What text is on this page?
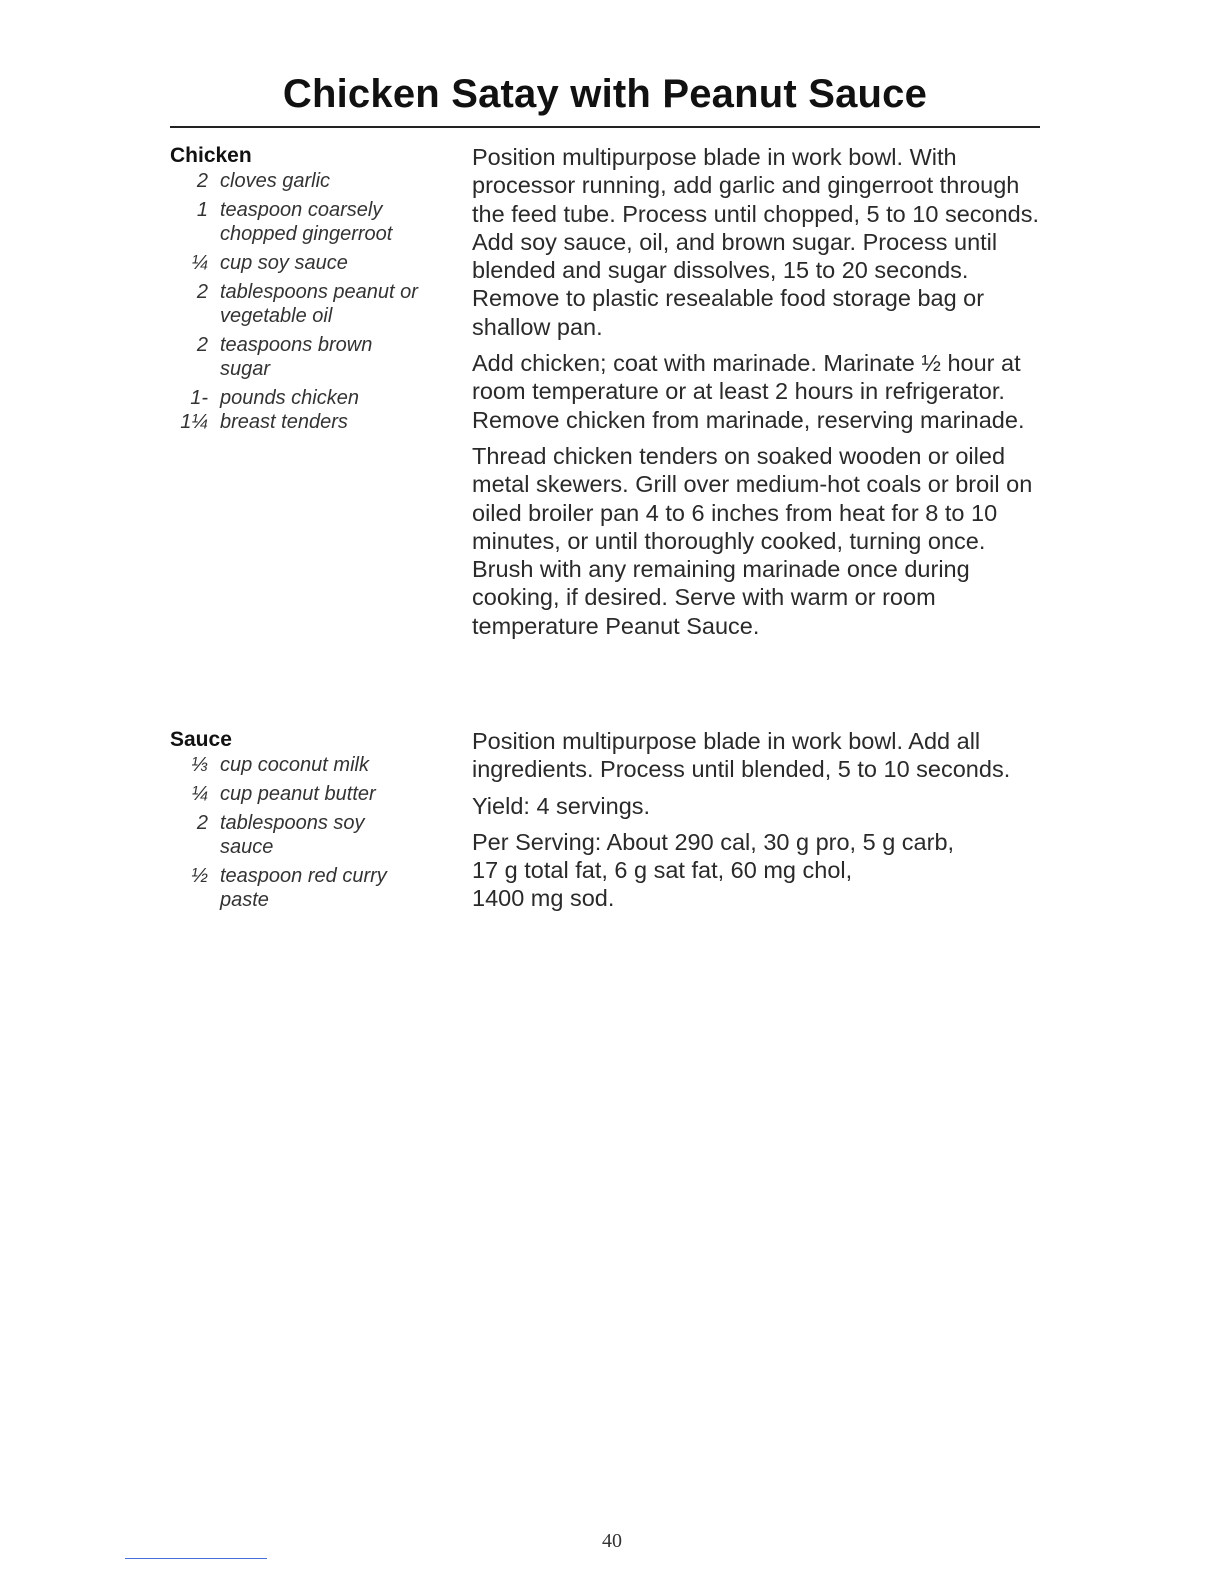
Chicken Satay with Peanut Sauce
Chicken
2 cloves garlic
1 teaspoon coarsely chopped gingerroot
¼ cup soy sauce
2 tablespoons peanut or vegetable oil
2 teaspoons brown sugar
1-1¼
pounds chicken breast tenders

Position multipurpose blade in work bowl. With processor running, add garlic and gingerroot through the feed tube. Process until chopped, 5 to 10 seconds. Add soy sauce, oil, and brown sugar. Process until blended and sugar dissolves, 15 to 20 seconds. Remove to plastic resealable food storage bag or shallow pan.

Add chicken; coat with marinade. Marinate ½ hour at room temperature or at least 2 hours in refrigerator. Remove chicken from marinade, reserving marinade.

Thread chicken tenders on soaked wooden or oiled metal skewers. Grill over medium-hot coals or broil on oiled broiler pan 4 to 6 inches from heat for 8 to 10 minutes, or until thoroughly cooked, turning once. Brush with any remaining marinade once during cooking, if desired. Serve with warm or room temperature Peanut Sauce.

Sauce
⅓ cup coconut milk
¼ cup peanut butter
2 tablespoons soy sauce
½ teaspoon red curry paste

Position multipurpose blade in work bowl. Add all ingredients. Process until blended, 5 to 10 seconds.

Yield: 4 servings.

Per Serving: About 290 cal, 30 g pro, 5 g carb,
17 g total fat, 6 g sat fat, 60 mg chol,
1400 mg sod.
40
